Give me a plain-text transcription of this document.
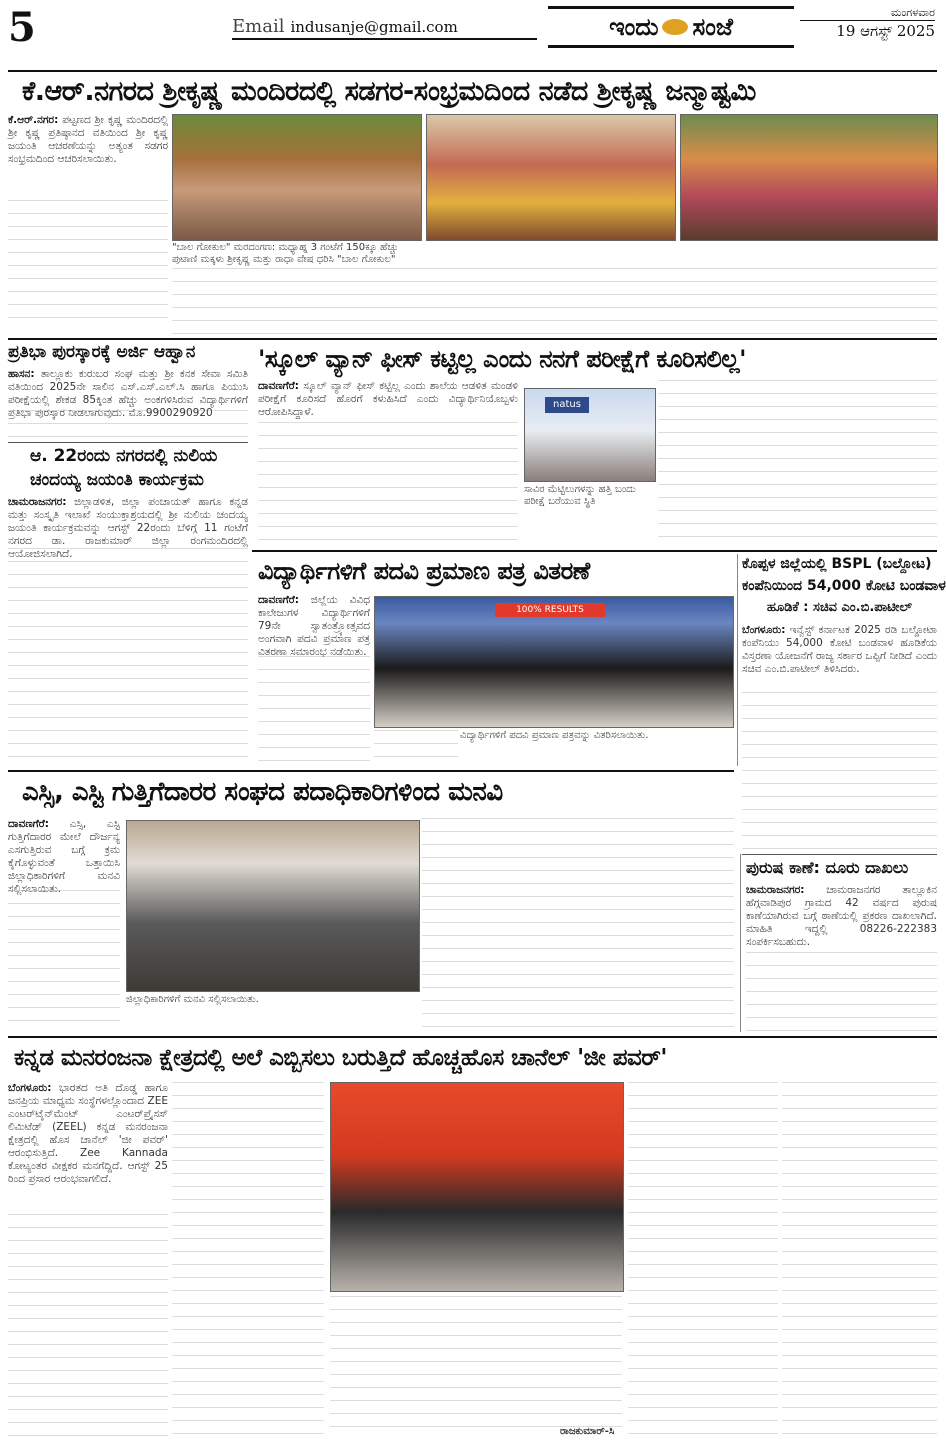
5	Email indusanje@gmail.com	ಇಂದು ಸಂಜೆ
ಮಂಗಳವಾರ
19 ಆಗಸ್ಟ್ 2025
ಕೆ.ಆರ್.ನಗರದ ಶ್ರೀಕೃಷ್ಣ ಮಂದಿರದಲ್ಲಿ ಸಡಗರ-ಸಂಭ್ರಮದಿಂದ ನಡೆದ ಶ್ರೀಕೃಷ್ಣ ಜನ್ಮಾಷ್ಟಮಿ
ಕೆ.ಆರ್.ನಗರ: ಪಟ್ಟಣದ ಶ್ರೀ ಕೃಷ್ಣ ಮಂದಿರದಲ್ಲಿ ಶ್ರೀ ಕೃಷ್ಣ ಪ್ರತಿಷ್ಠಾನದ ವತಿಯಿಂದ ಶ್ರೀ ಕೃಷ್ಣ ಜಯಂತಿ ಆಚರಣೆಯನ್ನು ಅತ್ಯಂತ ಸಡಗರ ಸಂಭ್ರಮದಿಂದ ಆಚರಿಸಲಾಯಿತು.
"ಬಾಲ ಗೋಕುಲ" ಮರದಂಗಣ: ಮಧ್ಯಾಹ್ನ 3 ಗಂಟೆಗೆ 150ಕ್ಕೂ ಹೆಚ್ಚು ಪುಟಾಣಿ ಮಕ್ಕಳು ಶ್ರೀಕೃಷ್ಣ ಮತ್ತು ರಾಧಾ ವೇಷ ಧರಿಸಿ "ಬಾಲ ಗೋಕುಲ"
ಪ್ರತಿಭಾ ಪುರಸ್ಕಾರಕ್ಕೆ ಅರ್ಜಿ ಆಹ್ವಾನ
ಹಾಸನ: ತಾಲ್ಲೂಕು ಕುರುಬರ ಸಂಘ ಮತ್ತು ಶ್ರೀ ಕನಕ ಸೇವಾ ಸಮಿತಿ ವತಿಯಿಂದ 2025ನೇ ಸಾಲಿನ ಎಸ್.ಎಸ್.ಎಲ್.ಸಿ ಹಾಗೂ ಪಿಯುಸಿ ಪರೀಕ್ಷೆಯಲ್ಲಿ ಶೇಕಡ 85ಕ್ಕಿಂತ ಹೆಚ್ಚು ಅಂಕಗಳಿಸಿರುವ ವಿದ್ಯಾರ್ಥಿಗಳಿಗೆ ಪ್ರತಿಭಾ ಪುರಸ್ಕಾರ ನೀಡಲಾಗುವುದು. ಮೊ.9900290920
ಆ. 22ರಂದು ನಗರದಲ್ಲಿ ನುಲಿಯ
ಚಂದಯ್ಯ ಜಯಂತಿ ಕಾರ್ಯಕ್ರಮ
ಚಾಮರಾಜನಗರ: ಜಿಲ್ಲಾಡಳಿತ, ಜಿಲ್ಲಾ ಪಂಚಾಯತ್ ಹಾಗೂ ಕನ್ನಡ ಮತ್ತು ಸಂಸ್ಕೃತಿ ಇಲಾಖೆ ಸಂಯುಕ್ತಾಶ್ರಯದಲ್ಲಿ ಶ್ರೀ ನುಲಿಯ ಚಂದಯ್ಯ ಜಯಂತಿ ಕಾರ್ಯಕ್ರಮವನ್ನು ಆಗಸ್ಟ್ 22ರಂದು ಬೆಳಿಗ್ಗೆ 11 ಗಂಟೆಗೆ ನಗರದ ಡಾ. ರಾಜಕುಮಾರ್ ಜಿಲ್ಲಾ ರಂಗಮಂದಿರದಲ್ಲಿ ಆಯೋಜಿಸಲಾಗಿದೆ.
'ಸ್ಕೂಲ್ ವ್ಯಾನ್ ಫೀಸ್ ಕಟ್ಟಿಲ್ಲ ಎಂದು ನನಗೆ ಪರೀಕ್ಷೆಗೆ ಕೂರಿಸಲಿಲ್ಲ'
ದಾವಣಗೆರೆ: ಸ್ಕೂಲ್ ವ್ಯಾನ್ ಫೀಸ್ ಕಟ್ಟಿಲ್ಲ ಎಂದು ಶಾಲೆಯ ಆಡಳಿತ ಮಂಡಳಿ ಪರೀಕ್ಷೆಗೆ ಕೂರಿಸದೆ ಹೊರಗೆ ಕಳುಹಿಸಿದೆ ಎಂದು ವಿದ್ಯಾರ್ಥಿನಿಯೊಬ್ಬಳು ಆರೋಪಿಸಿದ್ದಾಳೆ.
natus
ಸಾವಿರ ಮೆಟ್ಟಿಲುಗಳನ್ನು ಹತ್ತಿ ಬಂದು ಪರೀಕ್ಷೆ ಬರೆಯುವ ಸ್ಥಿತಿ
ವಿದ್ಯಾರ್ಥಿಗಳಿಗೆ ಪದವಿ ಪ್ರಮಾಣ ಪತ್ರ ವಿತರಣೆ
ದಾವಣಗೆರೆ: ಜಿಲ್ಲೆಯ ವಿವಿಧ ಕಾಲೇಜುಗಳ ವಿದ್ಯಾರ್ಥಿಗಳಿಗೆ 79ನೇ ಸ್ವಾತಂತ್ರ್ಯೋತ್ಸವದ ಅಂಗವಾಗಿ ಪದವಿ ಪ್ರಮಾಣ ಪತ್ರ ವಿತರಣಾ ಸಮಾರಂಭ ನಡೆಯಿತು.
100% RESULTS
ವಿದ್ಯಾರ್ಥಿಗಳಿಗೆ ಪದವಿ ಪ್ರಮಾಣ ಪತ್ರವನ್ನು ವಿತರಿಸಲಾಯಿತು.
ಕೊಪ್ಪಳ ಜಿಲ್ಲೆಯಲ್ಲಿ BSPL (ಬಲ್ದೋಟ)
ಕಂಪೆನಿಯಿಂದ 54,000 ಕೋಟಿ ಬಂಡವಾಳ
ಹೂಡಿಕೆ : ಸಚಿವ ಎಂ.ಬಿ.ಪಾಟೀಲ್
ಬೆಂಗಳೂರು: ಇನ್ವೆಸ್ಟ್ ಕರ್ನಾಟಕ 2025 ರಡಿ ಬಲ್ದೋಟಾ ಕಂಪೆನಿಯು 54,000 ಕೋಟಿ ಬಂಡವಾಳ ಹೂಡಿಕೆಯ ವಿಸ್ತರಣಾ ಯೋಜನೆಗೆ ರಾಜ್ಯ ಸರ್ಕಾರ ಒಪ್ಪಿಗೆ ನೀಡಿದೆ ಎಂದು ಸಚಿವ ಎಂ.ಬಿ.ಪಾಟೀಲ್ ತಿಳಿಸಿದರು.
ಎಸ್ಸಿ, ಎಸ್ಟಿ ಗುತ್ತಿಗೆದಾರರ ಸಂಘದ ಪದಾಧಿಕಾರಿಗಳಿಂದ ಮನವಿ
ದಾವಣಗೆರೆ: ಎಸ್ಸಿ, ಎಸ್ಟಿ ಗುತ್ತಿಗೆದಾರರ ಮೇಲೆ ದೌರ್ಜನ್ಯ ಎಸಗುತ್ತಿರುವ ಬಗ್ಗೆ ಕ್ರಮ ಕೈಗೊಳ್ಳುವಂತೆ ಒತ್ತಾಯಿಸಿ ಜಿಲ್ಲಾಧಿಕಾರಿಗಳಿಗೆ ಮನವಿ ಸಲ್ಲಿಸಲಾಯಿತು.
ಜಿಲ್ಲಾಧಿಕಾರಿಗಳಿಗೆ ಮನವಿ ಸಲ್ಲಿಸಲಾಯಿತು.
ಪುರುಷ ಕಾಣೆ: ದೂರು ದಾಖಲು
ಚಾಮರಾಜನಗರ: ಚಾಮರಾಜನಗರ ತಾಲ್ಲೂಕಿನ ಹೆಗ್ಗವಾಡಿಪುರ ಗ್ರಾಮದ 42 ವರ್ಷದ ಪುರುಷ ಕಾಣೆಯಾಗಿರುವ ಬಗ್ಗೆ ಠಾಣೆಯಲ್ಲಿ ಪ್ರಕರಣ ದಾಖಲಾಗಿದೆ. ಮಾಹಿತಿ ಇದ್ದಲ್ಲಿ 08226-222383 ಸಂಪರ್ಕಿಸಬಹುದು.
ಕನ್ನಡ ಮನರಂಜನಾ ಕ್ಷೇತ್ರದಲ್ಲಿ ಅಲೆ ಎಬ್ಬಿಸಲು ಬರುತ್ತಿದೆ ಹೊಚ್ಚಹೊಸ ಚಾನೆಲ್ 'ಜೀ ಪವರ್'
ಬೆಂಗಳೂರು: ಭಾರತದ ಅತಿ ದೊಡ್ಡ ಹಾಗೂ ಜನಪ್ರಿಯ ಮಾಧ್ಯಮ ಸಂಸ್ಥೆಗಳಲ್ಲೊಂದಾದ ZEE ಎಂಟರ್‌ಟೈನ್‌ಮೆಂಟ್ ಎಂಟರ್‌ಪ್ರೈಸಸ್ ಲಿಮಿಟೆಡ್ (ZEEL) ಕನ್ನಡ ಮನರಂಜನಾ ಕ್ಷೇತ್ರದಲ್ಲಿ ಹೊಸ ಚಾನೆಲ್ 'ಜೀ ಪವರ್' ಆರಂಭಿಸುತ್ತಿದೆ. Zee Kannada ಕೋಟ್ಯಂತರ ವೀಕ್ಷಕರ ಮನಗೆದ್ದಿದೆ. ಆಗಸ್ಟ್ 25 ರಿಂದ ಪ್ರಸಾರ ಆರಂಭವಾಗಲಿದೆ.
ರಾಜಕುಮಾರ್-ಸಿ
